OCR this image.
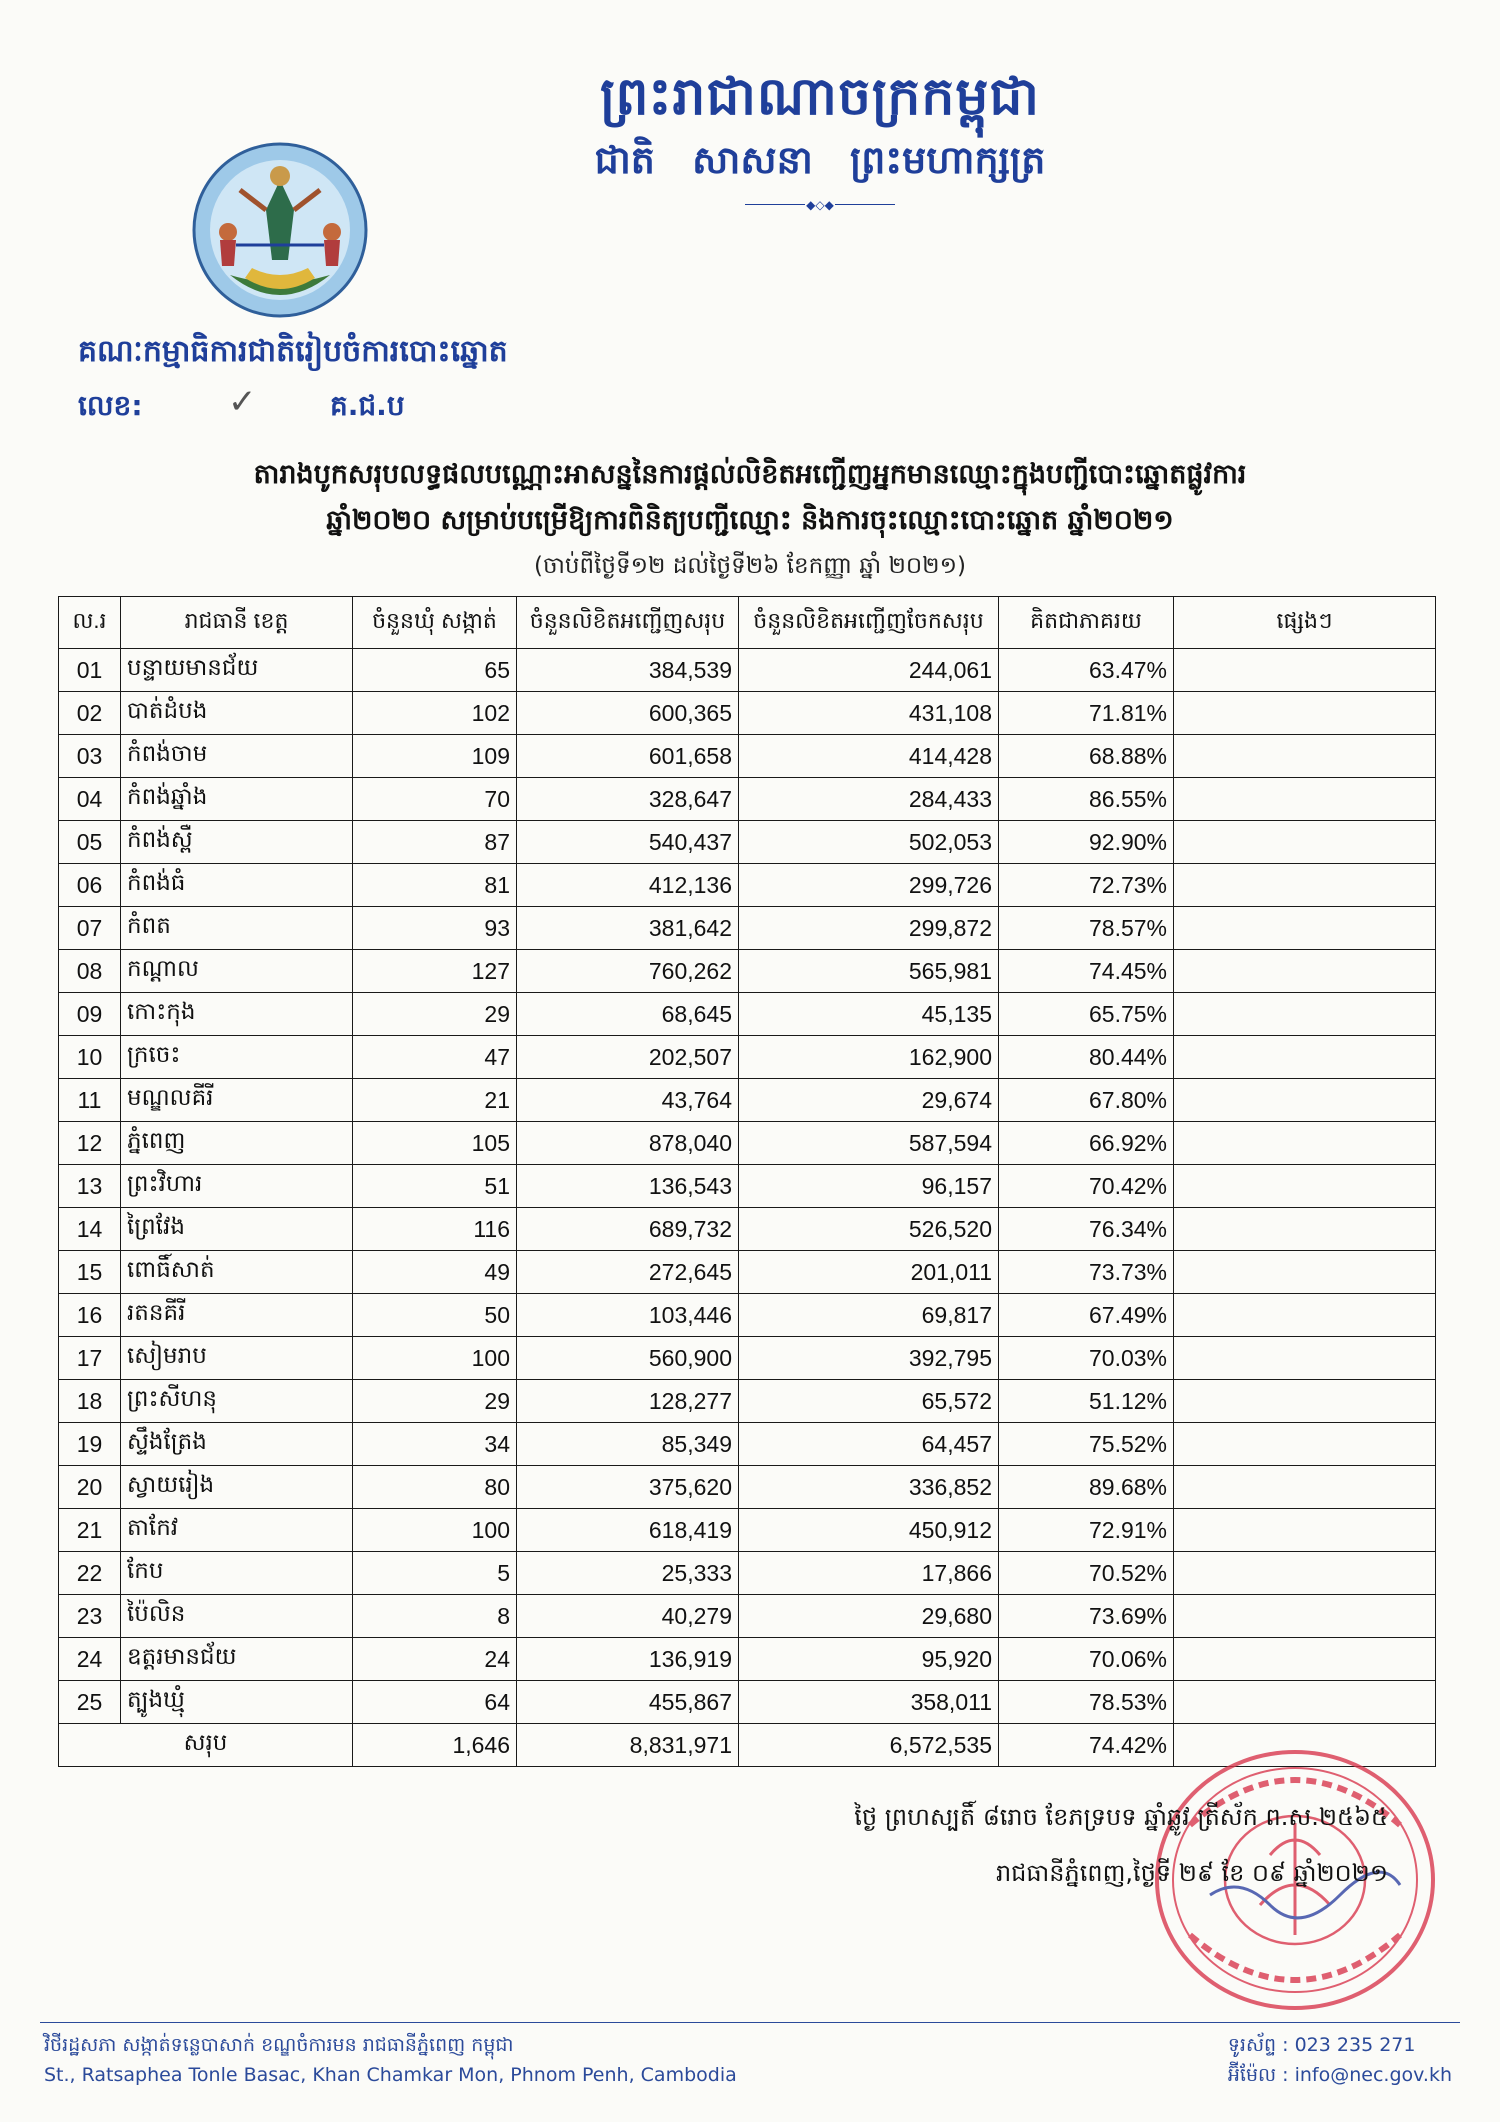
ព្រះរាជាណាចក្រកម្ពុជា
ជាតិ សាសនា ព្រះមហាក្សត្រ
◆◇◆
គណៈកម្មាធិការជាតិរៀបចំការបោះឆ្នោត
លេខ:	✓	គ.ជ.ប
តារាងបូកសរុបលទ្ធផលបណ្ណោះអាសន្ននៃការផ្តល់លិខិតអញ្ជើញអ្នកមានឈ្មោះក្នុងបញ្ជីបោះឆ្នោតផ្លូវការ
ឆ្នាំ២០២០ សម្រាប់បម្រើឱ្យការពិនិត្យបញ្ជីឈ្មោះ និងការចុះឈ្មោះបោះឆ្នោត ឆ្នាំ២០២១
(ចាប់ពីថ្ងៃទី១២ ដល់ថ្ងៃទី២៦ ខែកញ្ញា ឆ្នាំ ២០២១)
ល.រ	រាជធានី ខេត្ត	ចំនួនឃុំ សង្កាត់	ចំនួនលិខិតអញ្ជើញសរុប	ចំនួនលិខិតអញ្ជើញចែកសរុប	គិតជាភាគរយ	ផ្សេងៗ
01	បន្ទាយមានជ័យ	65	384,539	244,061	63.47%	
02	បាត់ដំបង	102	600,365	431,108	71.81%	
03	កំពង់ចាម	109	601,658	414,428	68.88%	
04	កំពង់ឆ្នាំង	70	328,647	284,433	86.55%	
05	កំពង់ស្ពឺ	87	540,437	502,053	92.90%	
06	កំពង់ធំ	81	412,136	299,726	72.73%	
07	កំពត	93	381,642	299,872	78.57%	
08	កណ្តាល	127	760,262	565,981	74.45%	
09	កោះកុង	29	68,645	45,135	65.75%	
10	ក្រចេះ	47	202,507	162,900	80.44%	
11	មណ្ឌលគីរី	21	43,764	29,674	67.80%	
12	ភ្នំពេញ	105	878,040	587,594	66.92%	
13	ព្រះវិហារ	51	136,543	96,157	70.42%	
14	ព្រៃវែង	116	689,732	526,520	76.34%	
15	ពោធិ៍សាត់	49	272,645	201,011	73.73%	
16	រតនគីរី	50	103,446	69,817	67.49%	
17	សៀមរាប	100	560,900	392,795	70.03%	
18	ព្រះសីហនុ	29	128,277	65,572	51.12%	
19	ស្ទឹងត្រែង	34	85,349	64,457	75.52%	
20	ស្វាយរៀង	80	375,620	336,852	89.68%	
21	តាកែវ	100	618,419	450,912	72.91%	
22	កែប	5	25,333	17,866	70.52%	
23	ប៉ៃលិន	8	40,279	29,680	73.69%	
24	ឧត្តរមានជ័យ	24	136,919	95,920	70.06%	
25	ត្បូងឃ្មុំ	64	455,867	358,011	78.53%	
សរុប		1,646	8,831,971	6,572,535	74.42%	
ថ្ងៃ ព្រហស្បតិ៍ ៨រោច ខែភទ្របទ ឆ្នាំឆ្លូវ ត្រីស័ក ព.ស.២៥៦៥
រាជធានីភ្នំពេញ,ថ្ងៃទី ២៩ ខែ ០៩ ឆ្នាំ២០២១
វិថីរដ្ឋសភា សង្កាត់ទន្លេបាសាក់ ខណ្ឌចំការមន រាជធានីភ្នំពេញ កម្ពុជា
St., Ratsaphea Tonle Basac, Khan Chamkar Mon, Phnom Penh, Cambodia
ទូរស័ព្ទ : 023 235 271
អ៊ីម៉ែល : info@nec.gov.kh
